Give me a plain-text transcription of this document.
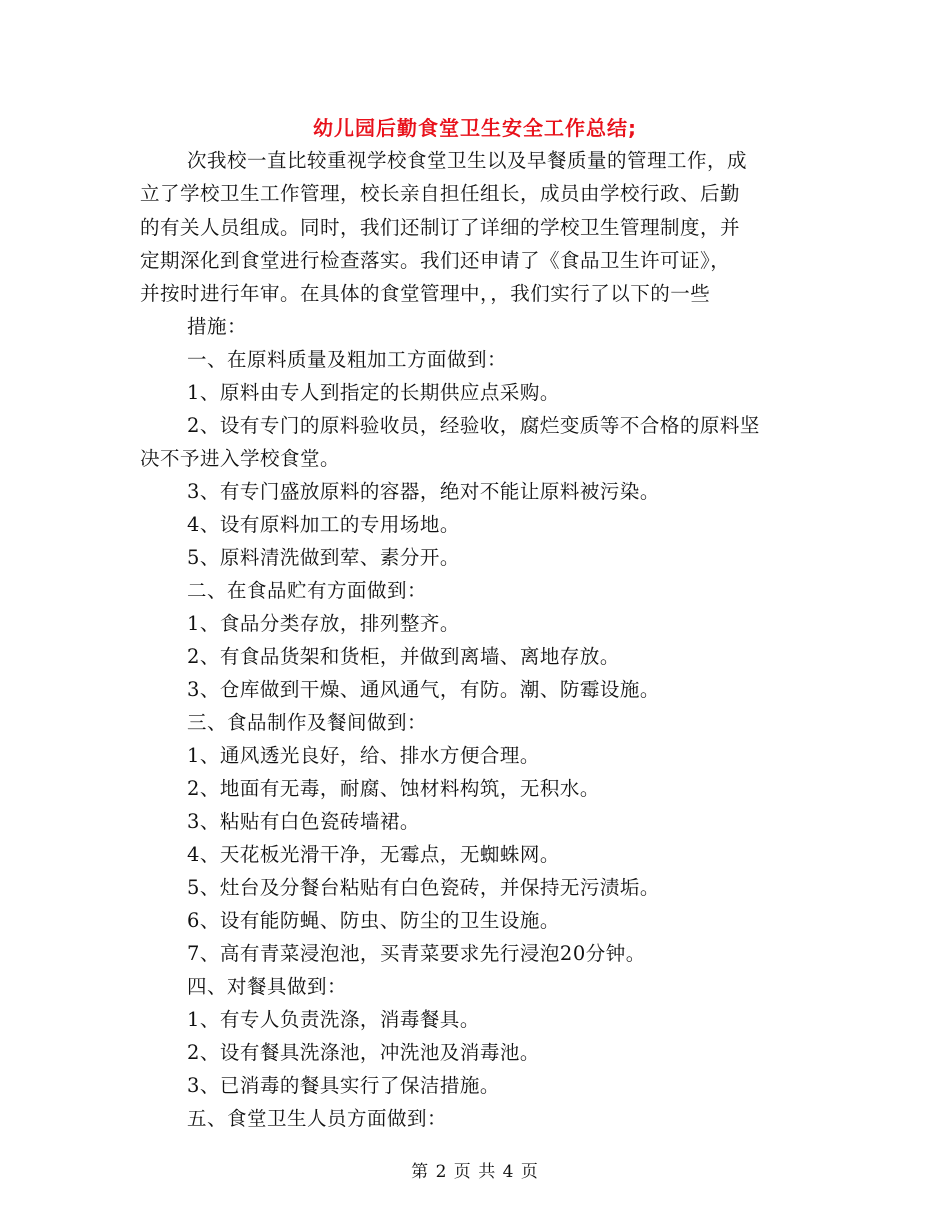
幼儿园后勤食堂卫生安全工作总结;
次我校一直比较重视学校食堂卫生以及早餐质量的管理工作，成
立了学校卫生工作管理，校长亲自担任组长，成员由学校行政、后勤
的有关人员组成。同时，我们还制订了详细的学校卫生管理制度，并
定期深化到食堂进行检查落实。我们还申请了《食品卫生许可证》，
并按时进行年审。在具体的食堂管理中，，我们实行了以下的一些
措施：
一、在原料质量及粗加工方面做到：
1、原料由专人到指定的长期供应点采购。
2、设有专门的原料验收员，经验收，腐烂变质等不合格的原料坚
决不予进入学校食堂。
3、有专门盛放原料的容器，绝对不能让原料被污染。
4、设有原料加工的专用场地。
5、原料清洗做到荤、素分开。
二、在食品贮有方面做到：
1、食品分类存放，排列整齐。
2、有食品货架和货柜，并做到离墙、离地存放。
3、仓库做到干燥、通风通气，有防。潮、防霉设施。
三、食品制作及餐间做到：
1、通风透光良好，给、排水方便合理。
2、地面有无毒，耐腐、蚀材料构筑，无积水。
3、粘贴有白色瓷砖墙裙。
4、天花板光滑干净，无霉点，无蜘蛛网。
5、灶台及分餐台粘贴有白色瓷砖，并保持无污渍垢。
6、设有能防蝇、防虫、防尘的卫生设施。
7、高有青菜浸泡池，买青菜要求先行浸泡20分钟。
四、对餐具做到：
1、有专人负责洗涤，消毒餐具。
2、设有餐具洗涤池，冲洗池及消毒池。
3、已消毒的餐具实行了保洁措施。
五、食堂卫生人员方面做到：
第 2 页 共 4 页
